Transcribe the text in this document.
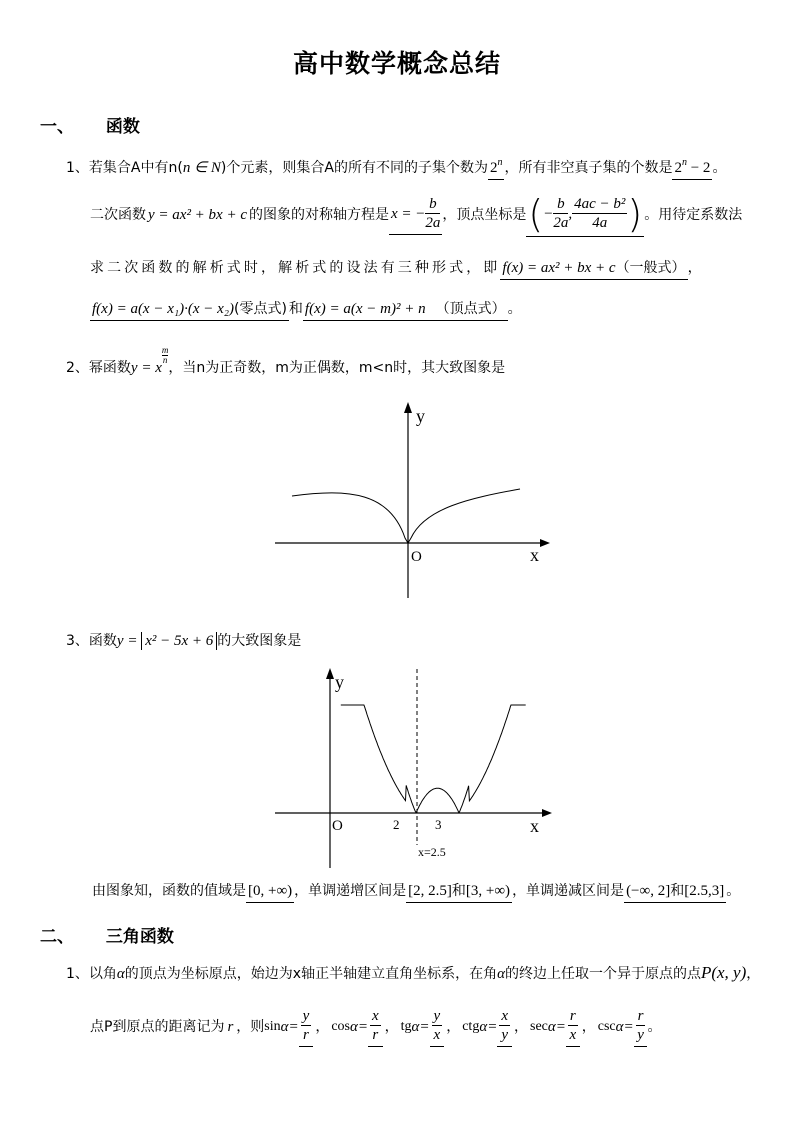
高中数学概念总结
一、 函数
1、若集合A中有n(n ∈ N)个元素，则集合A的所有不同的子集个数为 2$^n$ ，所有非空真子集的个数是 $2^n - 2$ 。
二次函数 y = ax² + bx + c 的图象的对称轴方程是 x = − $\frac{b}{2a}$ ，顶点坐标是 ( − $\frac{b}{2a}$ , $\frac{\text{4ac − b²}}{4a}$ ) 。用待定系数法
求二次函数的解析式时，解析式的设法有三种形式，即 f(x) = ax² + bx + c（一般式） ，
f(x) = a(x − x₁)·(x − x₂)(零点式) 和 f(x) = a(x − m)² + n （顶点式） 。
2、幂函数y = x
$\frac{m}{n}$
，当n为正奇数，m为正偶数，m<n时，其大致图象是
y
x
O
3、函数y = x² − 5x + 6 的大致图象是
y
x
O	2	3
x=2.5
由图象知，函数的值域是 [0, +∞) ，单调递增区间是 [2, 2.5]和[3, +∞) ，单调递减区间是 (−∞, 2]和[2.5,3] 。
二、 三角函数
1、以角α的顶点为坐标原点，始边为x轴正半轴建立直角坐标系，在角α的终边上任取一个异于原点的点P(x, y)，
点P到原点的距离记为 r ，则 $\sin \alpha= \frac{y}{r}$ ， $\cos \alpha= \frac{x}{r}$ ， tg $\alpha= \frac{y}{x}$ ， ctg $\alpha= \frac{x}{y}$ ， $\sec \alpha= \frac{r}{x}$ ， $\csc \alpha= \frac{r}{y}$ 。
